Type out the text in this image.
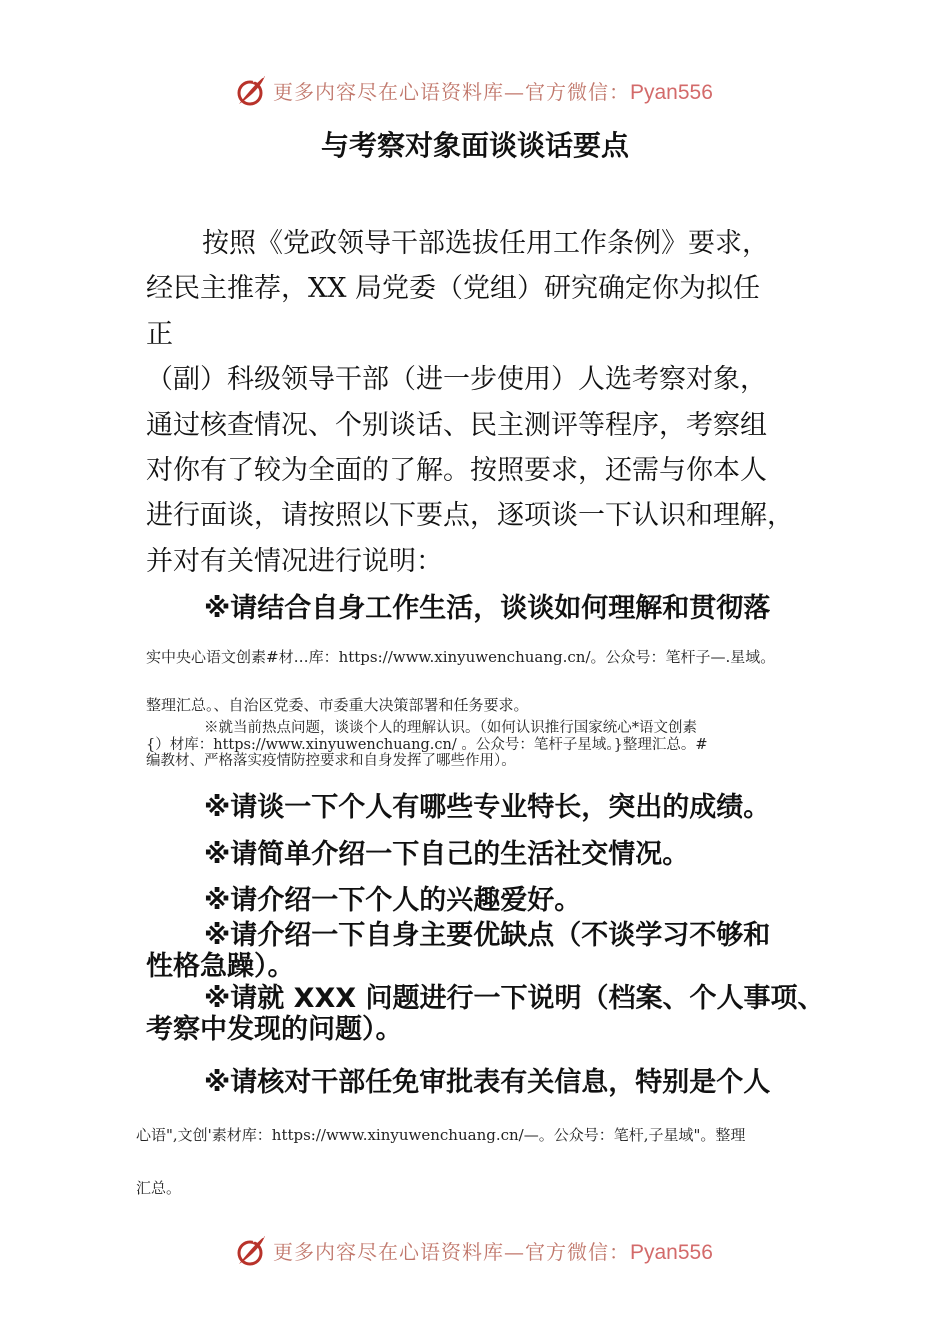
更多内容尽在心语资料库—官方微信：Pyan556
与考察对象面谈谈话要点

按照《党政领导干部选拔任用工作条例》要求，

经民主推荐，XX 局党委（党组）研究确定你为拟任

正

（副）科级领导干部（进一步使用）人选考察对象，

通过核查情况、个别谈话、民主测评等程序，考察组

对你有了较为全面的了解。按照要求，还需与你本人

进行面谈，请按照以下要点，逐项谈一下认识和理解，

并对有关情况进行说明：

※请结合自身工作生活，谈谈如何理解和贯彻落
实中央心语文创素#材…库：https://www.xinyuwenchuang.cn/。公众号：笔杆子—.星域。
整理汇总。、自治区党委、市委重大决策部署和任务要求。
※就当前热点问题，谈谈个人的理解认识。（如何认识推行国家统心*语文创素
{）材库：https://www.xinyuwenchuang.cn/ 。公众号：笔杆子星域。}整理汇总。#
编教材、严格落实疫情防控要求和自身发挥了哪些作用）。
※请谈一下个人有哪些专业特长，突出的成绩。
※请简单介绍一下自己的生活社交情况。
※请介绍一下个人的兴趣爱好。
※请介绍一下自身主要优缺点（不谈学习不够和
性格急躁）。
※请就 XXX 问题进行一下说明（档案、个人事项、
考察中发现的问题）。
※请核对干部任免审批表有关信息，特别是个人
心语",文创'素材库：https://www.xinyuwenchuang.cn/—。公众号：笔杆,子星域"。整理
汇总。
更多内容尽在心语资料库—官方微信：Pyan556
